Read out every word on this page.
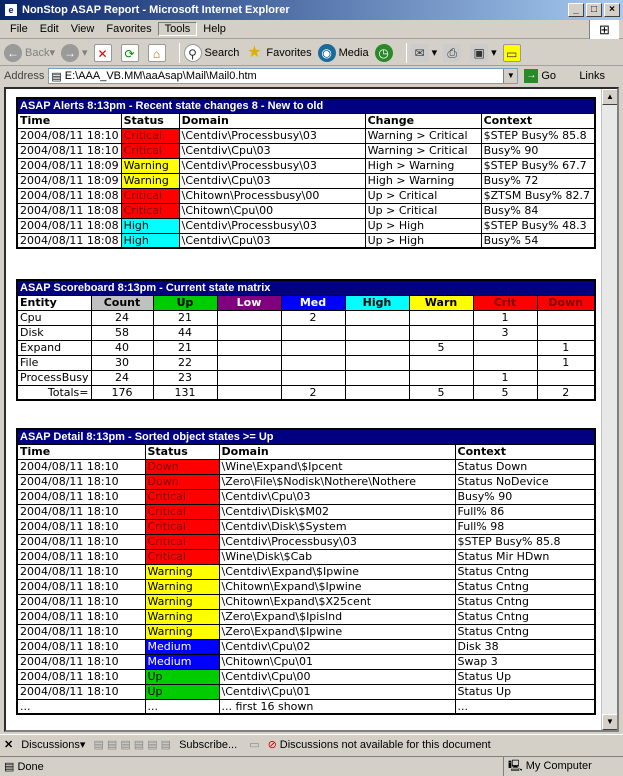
e NonStop ASAP Report - Microsoft Internet Explorer	_	□	×
File	Edit	View	Favorites	Tools	Help	⊞
← Back ▾ → ▾ ✕	⟳	⌂	⚲ Search ★ Favorites ◉ Media ◷	✉ ▾ ⎙	▣ ▾ ▭
Address ▤ E:\AAA_VB.MM\aaAsap\Mail\Mail0.htm	▼ → Go Links
ASAP Alerts 8:13pm - Recent state changes 8 - New to old				
Time	Status	Domain	Change	Context
2004/08/11 18:10	Critical	\Centdiv\Processbusy\03	Warning > Critical	$STEP Busy% 85.8
2004/08/11 18:10	Critical	\Centdiv\Cpu\03	Warning > Critical	Busy% 90
2004/08/11 18:09	Warning	\Centdiv\Processbusy\03	High > Warning	$STEP Busy% 67.7
2004/08/11 18:09	Warning	\Centdiv\Cpu\03	High > Warning	Busy% 72
2004/08/11 18:08	Critical	\Chitown\Processbusy\00	Up > Critical	$ZTSM Busy% 82.7
2004/08/11 18:08	Critical	\Chitown\Cpu\00	Up > Critical	Busy% 84
2004/08/11 18:08	High	\Centdiv\Processbusy\03	Up > High	$STEP Busy% 48.3
2004/08/11 18:08	High	\Centdiv\Cpu\03	Up > High	Busy% 54
ASAP Scoreboard 8:13pm - Current state matrix								
Entity	Count	Up	Low	Med	High	Warn	Crit	Down
Cpu	24	21		2			1	
Disk	58	44					3	
Expand	40	21				5		1
File	30	22						1
ProcessBusy	24	23					1	
Totals=	176	131		2		5	5	2
ASAP Detail 8:13pm - Sorted object states >= Up			
Time	Status	Domain	Context
2004/08/11 18:10	Down	\Wine\Expand\$Ipcent	Status Down
2004/08/11 18:10	Down	\Zero\File\$Nodisk\Nothere\Nothere	Status NoDevice
2004/08/11 18:10	Critical	\Centdiv\Cpu\03	Busy% 90
2004/08/11 18:10	Critical	\Centdiv\Disk\$M02	Full% 86
2004/08/11 18:10	Critical	\Centdiv\Disk\$System	Full% 98
2004/08/11 18:10	Critical	\Centdiv\Processbusy\03	$STEP Busy% 85.8
2004/08/11 18:10	Critical	\Wine\Disk\$Cab	Status Mir HDwn
2004/08/11 18:10	Warning	\Centdiv\Expand\$Ipwine	Status Cntng
2004/08/11 18:10	Warning	\Chitown\Expand\$Ipwine	Status Cntng
2004/08/11 18:10	Warning	\Chitown\Expand\$X25cent	Status Cntng
2004/08/11 18:10	Warning	\Zero\Expand\$Ipislnd	Status Cntng
2004/08/11 18:10	Warning	\Zero\Expand\$Ipwine	Status Cntng
2004/08/11 18:10	Medium	\Centdiv\Cpu\02	Disk 38
2004/08/11 18:10	Medium	\Chitown\Cpu\01	Swap 3
2004/08/11 18:10	Up	\Centdiv\Cpu\00	Status Up
2004/08/11 18:10	Up	\Centdiv\Cpu\01	Status Up
...	...	... first 16 shown	...
▲
▼
✕ Discussions ▾ ▤ ▤ ▤ ▤ ▤ ▤ Subscribe... ▭ ⊘ Discussions not available for this document
▤ Done	🖳 My Computer
